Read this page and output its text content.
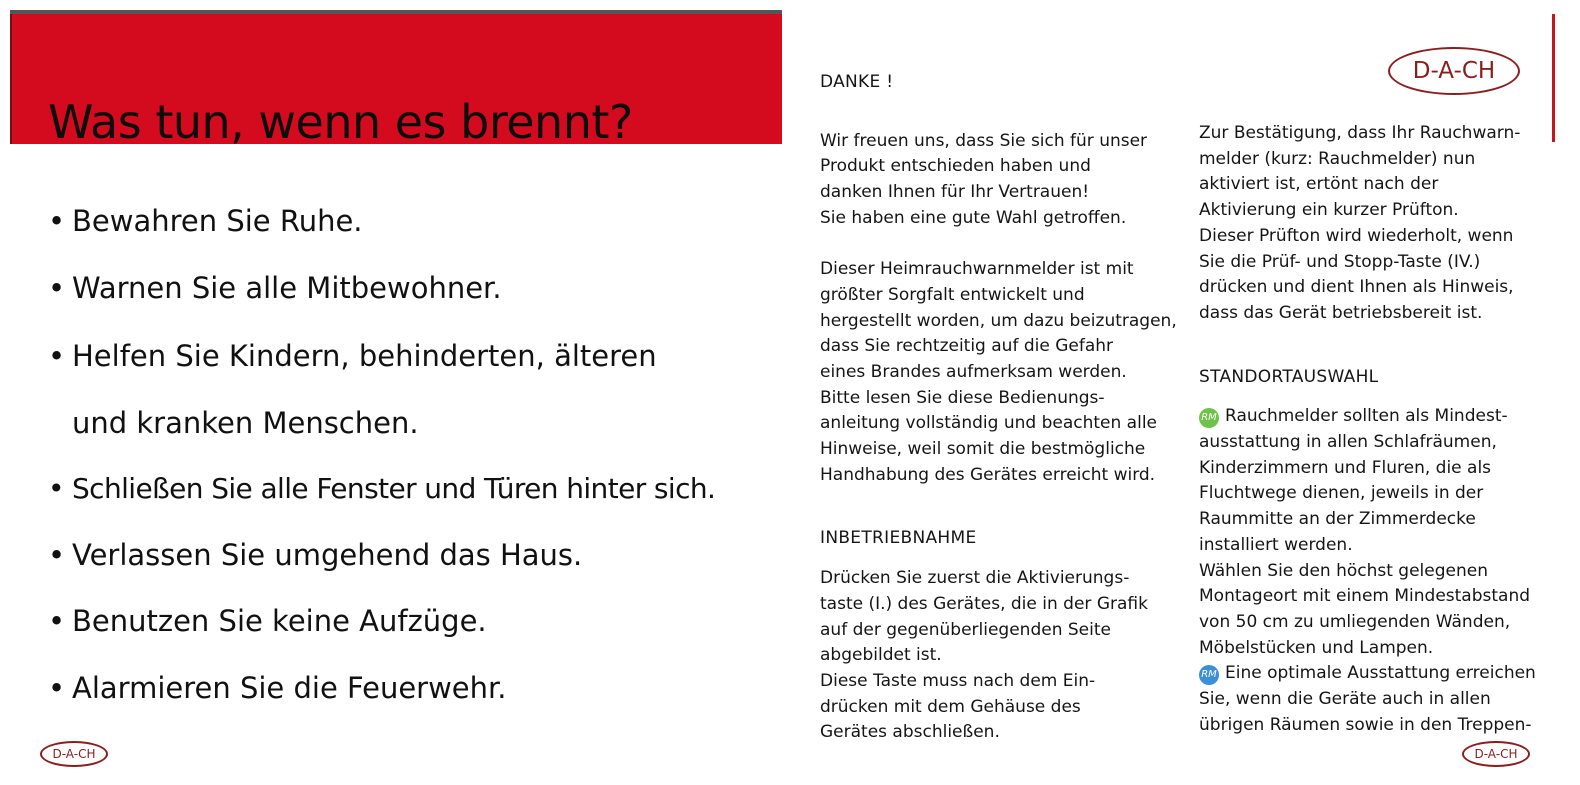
Was tun, wenn es brennt?
• Bewahren Sie Ruhe.
• Warnen Sie alle Mitbewohner.
• Helfen Sie Kindern, behinderten, älteren
und kranken Menschen.
• Schließen Sie alle Fenster und Türen hinter sich.
• Verlassen Sie umgehend das Haus.
• Benutzen Sie keine Aufzüge.
• Alarmieren Sie die Feuerwehr.
D-A-CH
D-A-CH

DANKE !

Wir freuen uns, dass Sie sich für unser

Produkt entschieden haben und

danken Ihnen für Ihr Vertrauen!

Sie haben eine gute Wahl getroffen.

Dieser Heimrauchwarnmelder ist mit

größter Sorgfalt entwickelt und

hergestellt worden, um dazu beizutragen,

dass Sie rechtzeitig auf die Gefahr

eines Brandes aufmerksam werden.

Bitte lesen Sie diese Bedienungs-

anleitung vollständig und beachten alle

Hinweise, weil somit die bestmögliche

Handhabung des Gerätes erreicht wird.

INBETRIEBNAHME

Drücken Sie zuerst die Aktivierungs-

taste (I.) des Gerätes, die in der Grafik

auf der gegenüberliegenden Seite

abgebildet ist.

Diese Taste muss nach dem Ein-

drücken mit dem Gehäuse des

Gerätes abschließen.

Zur Bestätigung, dass Ihr Rauchwarn-

melder (kurz: Rauchmelder) nun

aktiviert ist, ertönt nach der

Aktivierung ein kurzer Prüfton.

Dieser Prüfton wird wiederholt, wenn

Sie die Prüf- und Stopp-Taste (IV.)

drücken und dient Ihnen als Hinweis,

dass das Gerät betriebsbereit ist.

STANDORTAUSWAHL

RM Rauchmelder sollten als Mindest-

ausstattung in allen Schlafräumen,

Kinderzimmern und Fluren, die als

Fluchtwege dienen, jeweils in der

Raummitte an der Zimmerdecke

installiert werden.

Wählen Sie den höchst gelegenen

Montageort mit einem Mindestabstand

von 50 cm zu umliegenden Wänden,

Möbelstücken und Lampen.

RM Eine optimale Ausstattung erreichen

Sie, wenn die Geräte auch in allen

übrigen Räumen sowie in den Treppen-

D-A-CH
